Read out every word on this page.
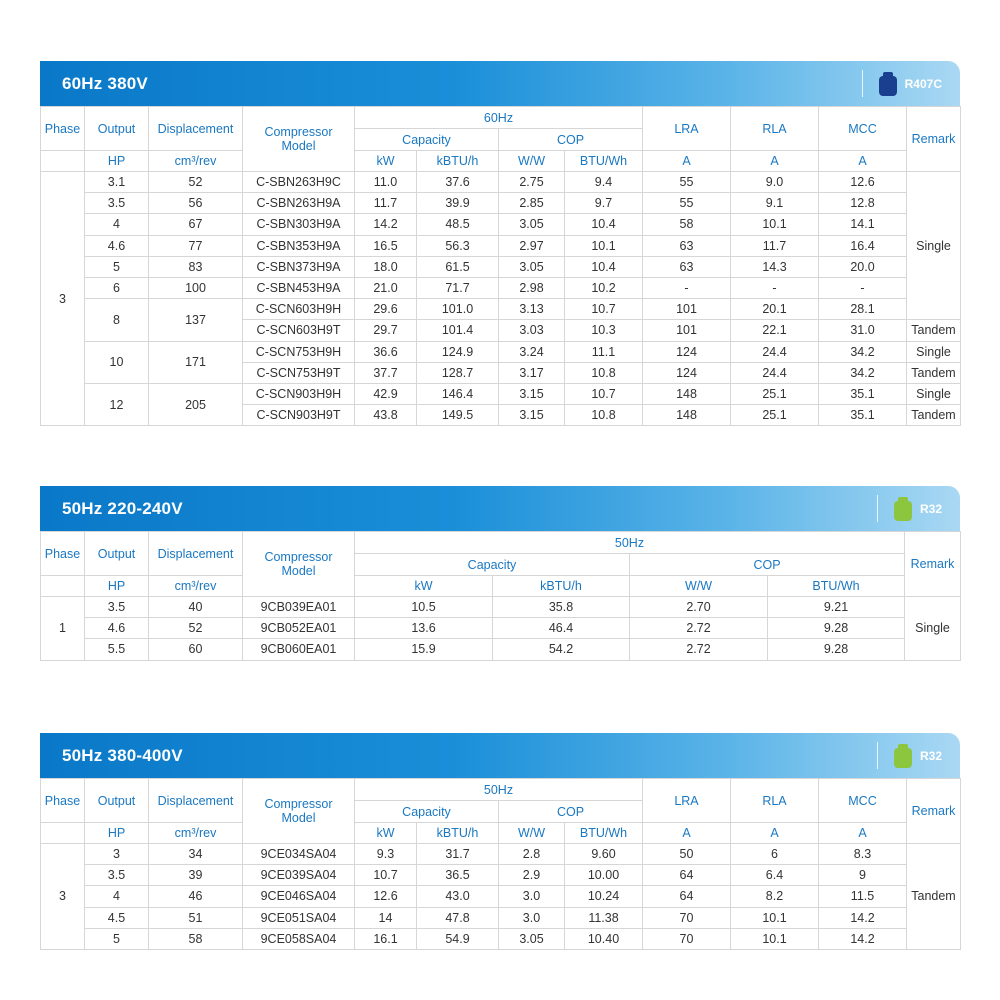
60Hz 380V	R407C
Phase	Output	Displacement	Compressor Model	60Hz				LRA	RLA	MCC	Remark
				Capacity		COP					
	HP	cm³/rev		kW	kBTU/h	W/W	BTU/Wh	A	A	A	
3	3.1	52	C-SBN263H9C	11.0	37.6	2.75	9.4	55	9.0	12.6	Single
	3.5	56	C-SBN263H9A	11.7	39.9	2.85	9.7	55	9.1	12.8	
	4	67	C-SBN303H9A	14.2	48.5	3.05	10.4	58	10.1	14.1	
	4.6	77	C-SBN353H9A	16.5	56.3	2.97	10.1	63	11.7	16.4	
	5	83	C-SBN373H9A	18.0	61.5	3.05	10.4	63	14.3	20.0	
	6	100	C-SBN453H9A	21.0	71.7	2.98	10.2	-	-	-	
	8	137	C-SCN603H9H	29.6	101.0	3.13	10.7	101	20.1	28.1	
			C-SCN603H9T	29.7	101.4	3.03	10.3	101	22.1	31.0	Tandem
	10	171	C-SCN753H9H	36.6	124.9	3.24	11.1	124	24.4	34.2	Single
			C-SCN753H9T	37.7	128.7	3.17	10.8	124	24.4	34.2	Tandem
	12	205	C-SCN903H9H	42.9	146.4	3.15	10.7	148	25.1	35.1	Single
			C-SCN903H9T	43.8	149.5	3.15	10.8	148	25.1	35.1	Tandem
50Hz 220-240V	R32
Phase	Output	Displacement	Compressor Model	50Hz				Remark
				Capacity		COP		
	HP	cm³/rev		kW	kBTU/h	W/W	BTU/Wh	
1	3.5	40	9CB039EA01	10.5	35.8	2.70	9.21	Single
	4.6	52	9CB052EA01	13.6	46.4	2.72	9.28	
	5.5	60	9CB060EA01	15.9	54.2	2.72	9.28	
50Hz 380-400V	R32
Phase	Output	Displacement	Compressor Model	50Hz				LRA	RLA	MCC	Remark
				Capacity		COP					
	HP	cm³/rev		kW	kBTU/h	W/W	BTU/Wh	A	A	A	
3	3	34	9CE034SA04	9.3	31.7	2.8	9.60	50	6	8.3	Tandem
	3.5	39	9CE039SA04	10.7	36.5	2.9	10.00	64	6.4	9	
	4	46	9CE046SA04	12.6	43.0	3.0	10.24	64	8.2	11.5	
	4.5	51	9CE051SA04	14	47.8	3.0	11.38	70	10.1	14.2	
	5	58	9CE058SA04	16.1	54.9	3.05	10.40	70	10.1	14.2	
